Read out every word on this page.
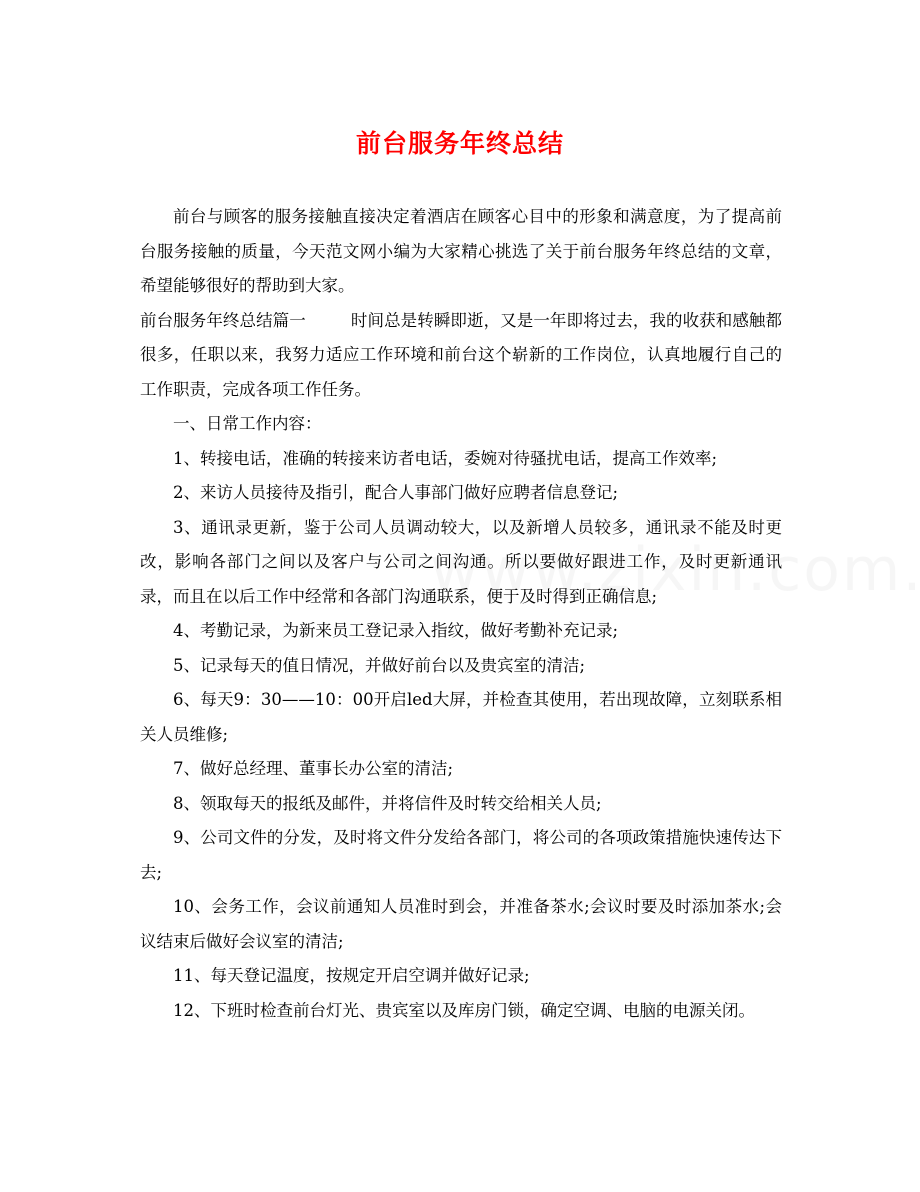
前台服务年终总结

前台与顾客的服务接触直接决定着酒店在顾客心目中的形象和满意度，为了提高前台服务接触的质量，今天范文网小编为大家精心挑选了关于前台服务年终总结的文章，希望能够很好的帮助到大家。

前台服务年终总结篇一	时间总是转瞬即逝，又是一年即将过去，我的收获和感触都很多，任职以来，我努力适应工作环境和前台这个崭新的工作岗位，认真地履行自己的工作职责，完成各项工作任务。

一、日常工作内容：

1、转接电话，准确的转接来访者电话，委婉对待骚扰电话，提高工作效率;

2、来访人员接待及指引，配合人事部门做好应聘者信息登记;

3、通讯录更新，鉴于公司人员调动较大，以及新增人员较多，通讯录不能及时更改，影响各部门之间以及客户与公司之间沟通。所以要做好跟进工作，及时更新通讯录，而且在以后工作中经常和各部门沟通联系，便于及时得到正确信息;

4、考勤记录，为新来员工登记录入指纹，做好考勤补充记录;

5、记录每天的值日情况，并做好前台以及贵宾室的清洁;

6、每天9：30——10：00开启led大屏，并检查其使用，若出现故障，立刻联系相关人员维修;

7、做好总经理、董事长办公室的清洁;

8、领取每天的报纸及邮件，并将信件及时转交给相关人员;

9、公司文件的分发，及时将文件分发给各部门，将公司的各项政策措施快速传达下去;

10、会务工作，会议前通知人员准时到会，并准备茶水;会议时要及时添加茶水;会议结束后做好会议室的清洁;

11、每天登记温度，按规定开启空调并做好记录;

12、下班时检查前台灯光、贵宾室以及库房门锁，确定空调、电脑的电源关闭。
